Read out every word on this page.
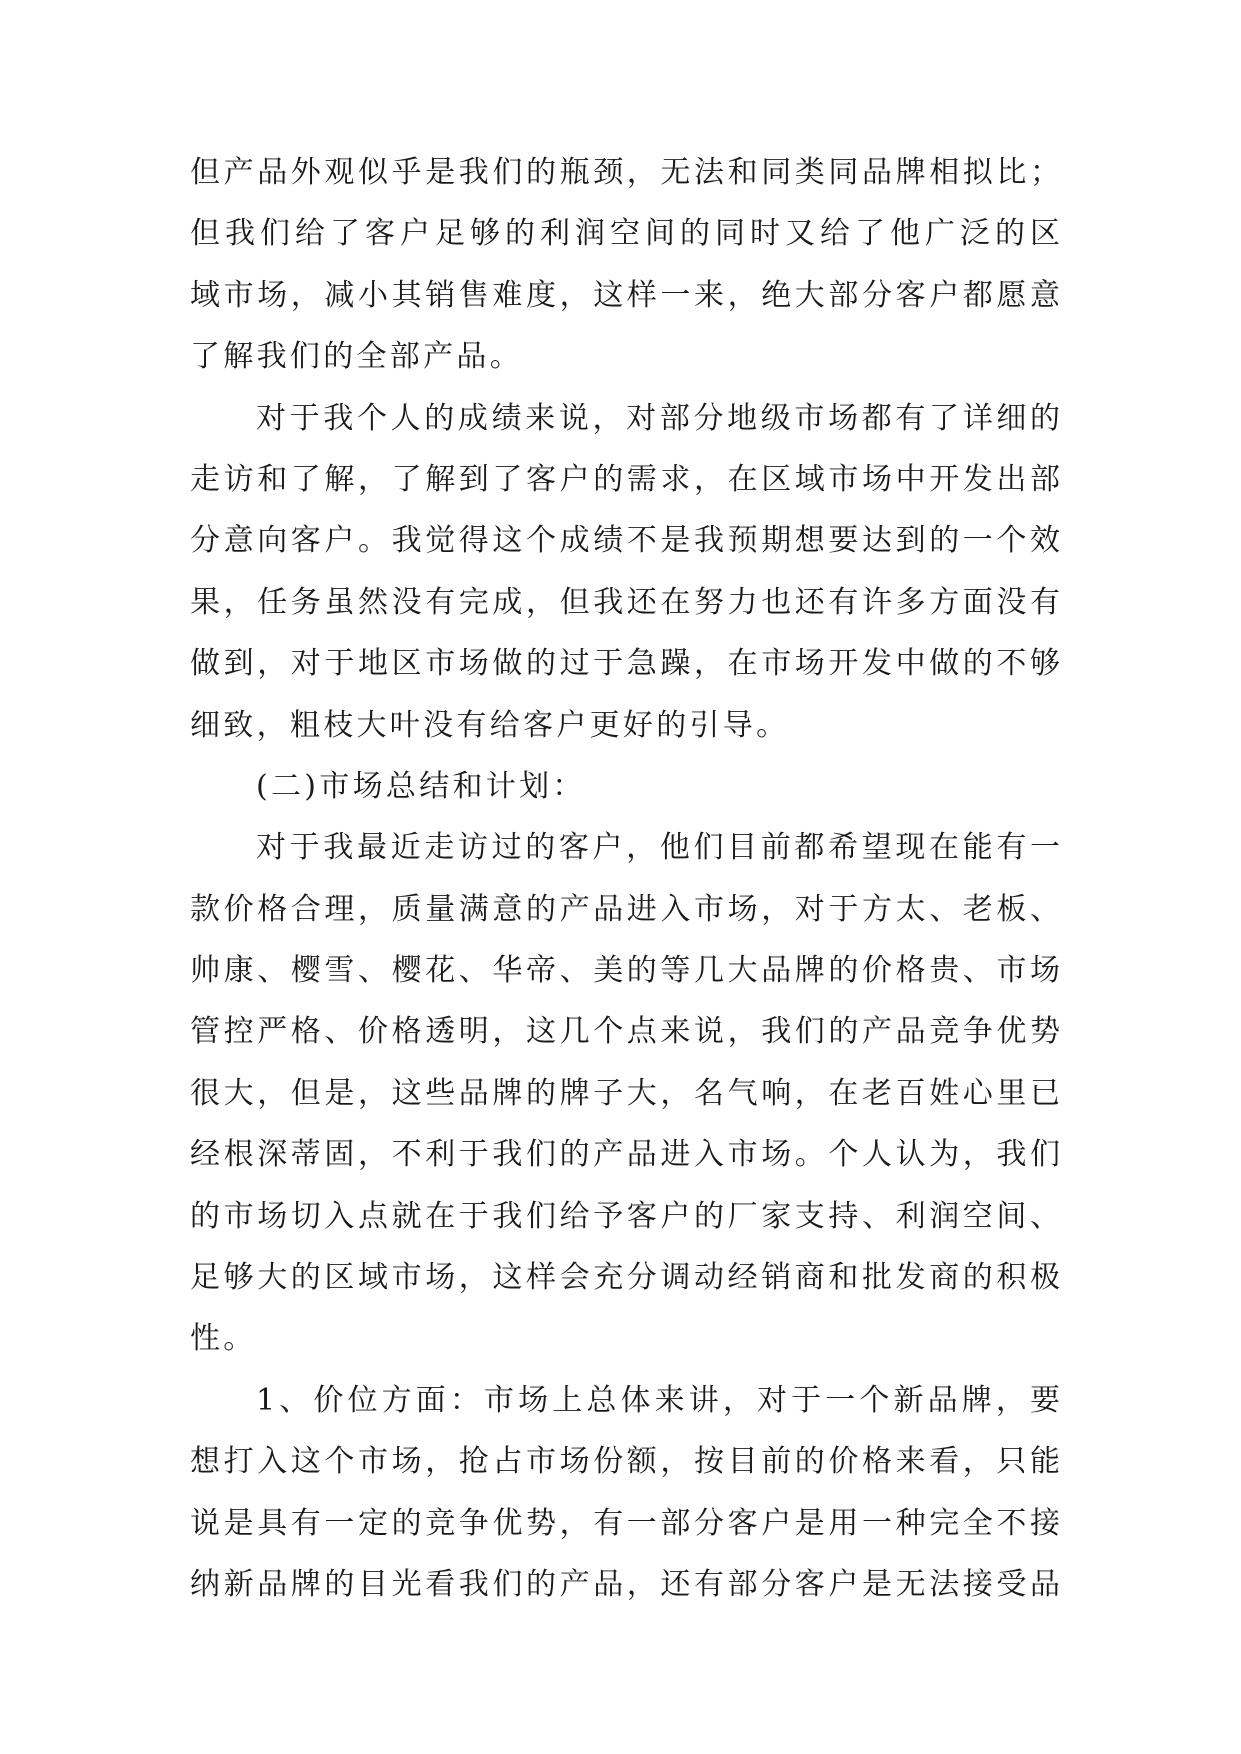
但产品外观似乎是我们的瓶颈，无法和同类同品牌相拟比；
但我们给了客户足够的利润空间的同时又给了他广泛的区
域市场，减小其销售难度，这样一来，绝大部分客户都愿意
了解我们的全部产品。
对于我个人的成绩来说，对部分地级市场都有了详细的
走访和了解，了解到了客户的需求，在区域市场中开发出部
分意向客户。我觉得这个成绩不是我预期想要达到的一个效
果，任务虽然没有完成，但我还在努力也还有许多方面没有
做到，对于地区市场做的过于急躁，在市场开发中做的不够
细致，粗枝大叶没有给客户更好的引导。
(二)市场总结和计划：
对于我最近走访过的客户，他们目前都希望现在能有一
款价格合理，质量满意的产品进入市场，对于方太、老板、
帅康、樱雪、樱花、华帝、美的等几大品牌的价格贵、市场
管控严格、价格透明，这几个点来说，我们的产品竞争优势
很大，但是，这些品牌的牌子大，名气响，在老百姓心里已
经根深蒂固，不利于我们的产品进入市场。个人认为，我们
的市场切入点就在于我们给予客户的厂家支持、利润空间、
足够大的区域市场，这样会充分调动经销商和批发商的积极
性。
1、价位方面：市场上总体来讲，对于一个新品牌，要
想打入这个市场，抢占市场份额，按目前的价格来看，只能
说是具有一定的竞争优势，有一部分客户是用一种完全不接
纳新品牌的目光看我们的产品，还有部分客户是无法接受品
